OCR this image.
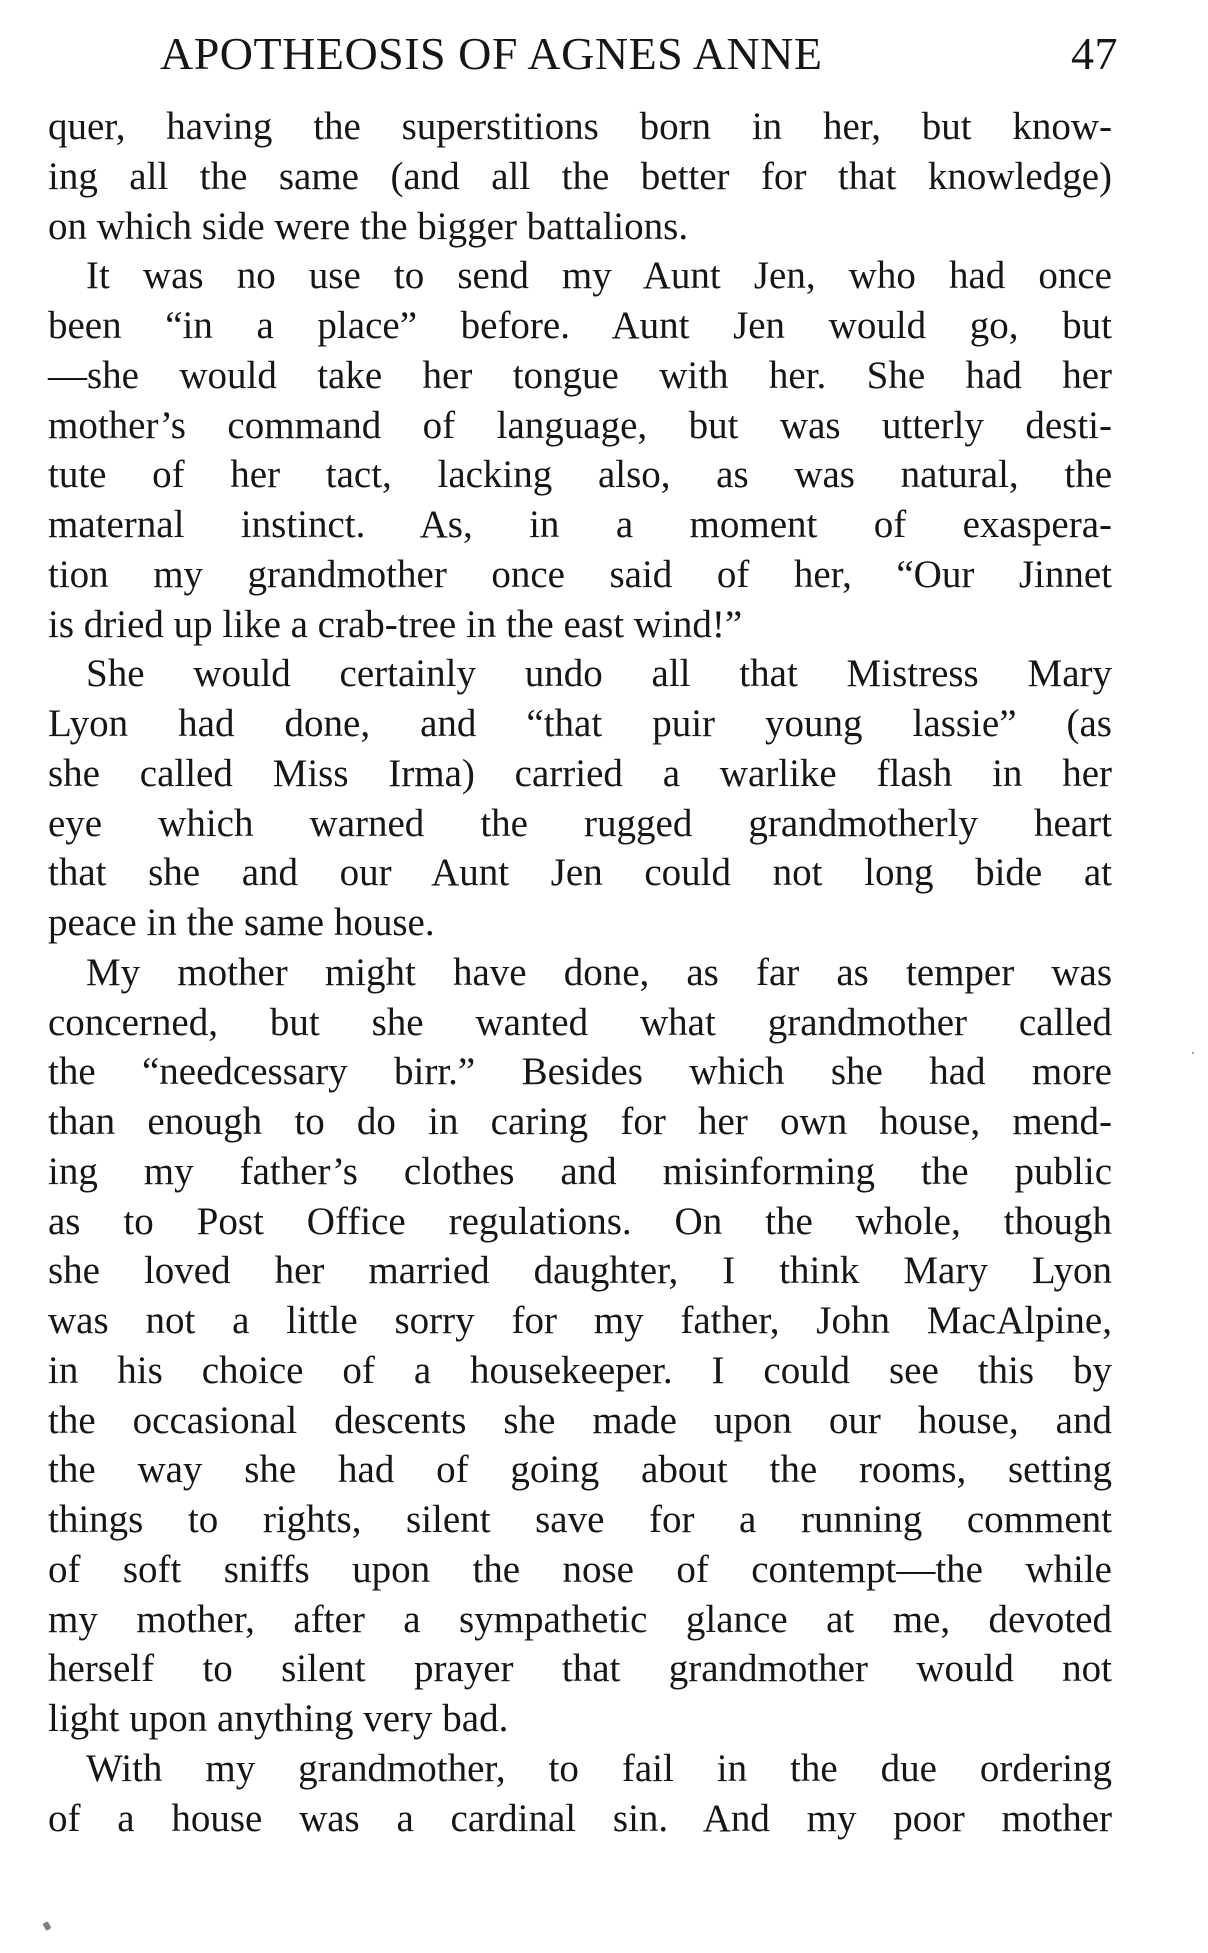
APOTHEOSIS OF AGNES ANNE	47
quer, having the superstitions born in her, but know-
ing all the same (and all the better for that knowledge)
on which side were the bigger battalions.
It was no use to send my Aunt Jen, who had once
been “in a place” before. Aunt Jen would go, but
—she would take her tongue with her. She had her
mother’s command of language, but was utterly desti-
tute of her tact, lacking also, as was natural, the
maternal instinct. As, in a moment of exaspera-
tion my grandmother once said of her, “Our Jinnet
is dried up like a crab-tree in the east wind!”
She would certainly undo all that Mistress Mary
Lyon had done, and “that puir young lassie” (as
she called Miss Irma) carried a warlike flash in her
eye which warned the rugged grandmotherly heart
that she and our Aunt Jen could not long bide at
peace in the same house.
My mother might have done, as far as temper was
concerned, but she wanted what grandmother called
the “needcessary birr.” Besides which she had more
than enough to do in caring for her own house, mend-
ing my father’s clothes and misinforming the public
as to Post Office regulations. On the whole, though
she loved her married daughter, I think Mary Lyon
was not a little sorry for my father, John MacAlpine,
in his choice of a housekeeper. I could see this by
the occasional descents she made upon our house, and
the way she had of going about the rooms, setting
things to rights, silent save for a running comment
of soft sniffs upon the nose of contempt—the while
my mother, after a sympathetic glance at me, devoted
herself to silent prayer that grandmother would not
light upon anything very bad.
With my grandmother, to fail in the due ordering
of a house was a cardinal sin. And my poor mother
